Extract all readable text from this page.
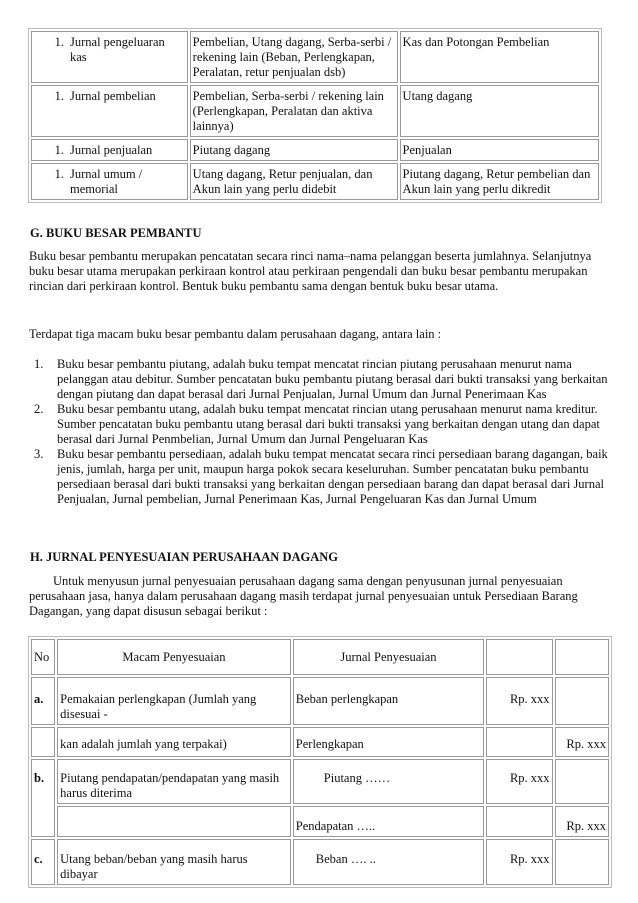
1. Jurnal pengeluaran kas	Pembelian, Utang dagang, Serba-serbi / rekening lain (Beban, Perlengkapan, Peralatan, retur penjualan dsb)	Kas dan Potongan Pembelian
1. Jurnal pembelian	Pembelian, Serba-serbi / rekening lain (Perlengkapan, Peralatan dan aktiva lainnya)	Utang dagang
1. Jurnal penjualan	Piutang dagang	Penjualan
1. Jurnal umum / memorial	Utang dagang, Retur penjualan, dan Akun lain yang perlu didebit	Piutang dagang, Retur pembelian dan Akun lain yang perlu dikredit
G. BUKU BESAR PEMBANTU

Buku besar pembantu merupakan pencatatan secara rinci nama–nama pelanggan beserta jumlahnya. Selanjutnya buku besar utama merupakan perkiraan kontrol atau perkiraan pengendali dan buku besar pembantu merupakan rincian dari perkiraan kontrol. Bentuk buku pembantu sama dengan bentuk buku besar utama.

Terdapat tiga macam buku besar pembantu dalam perusahaan dagang, antara lain :

1. Buku besar pembantu piutang, adalah buku tempat mencatat rincian piutang perusahaan menurut nama pelanggan atau debitur. Sumber pencatatan buku pembantu piutang berasal dari bukti transaksi yang berkaitan dengan piutang dan dapat berasal dari Jurnal Penjualan, Jurnal Umum dan Jurnal Penerimaan Kas
2. Buku besar pembantu utang, adalah buku tempat mencatat rincian utang perusahaan menurut nama kreditur. Sumber pencatatan buku pembantu utang berasal dari bukti transaksi yang berkaitan dengan utang dan dapat berasal dari Jurnal Penmbelian, Jurnal Umum dan Jurnal Pengeluaran Kas
3. Buku besar pembantu persediaan, adalah buku tempat mencatat secara rinci persediaan barang dagangan, baik jenis, jumlah, harga per unit, maupun harga pokok secara keseluruhan. Sumber pencatatan buku pembantu persediaan berasal dari bukti transaksi yang berkaitan dengan persediaan barang dan dapat berasal dari Jurnal Penjualan, Jurnal pembelian, Jurnal Penerimaan Kas, Jurnal Pengeluaran Kas dan Jurnal Umum
H. JURNAL PENYESUAIAN PERUSAHAAN DAGANG

Untuk menyusun jurnal penyesuaian perusahaan dagang sama dengan penyusunan jurnal penyesuaian perusahaan jasa, hanya dalam perusahaan dagang masih terdapat jurnal penyesuaian untuk Persediaan Barang Dagangan, yang dapat disusun sebagai berikut :

No	Macam Penyesuaian	Jurnal Penyesuaian		
a.	Pemakaian perlengkapan (Jumlah yang disesuai -	Beban perlengkapan	Rp. xxx	
	kan adalah jumlah yang terpakai)	Perlengkapan		Rp. xxx
b.	Piutang pendapatan/pendapatan yang masih harus diterima	Piutang ……	Rp. xxx	
		Pendapatan …..		Rp. xxx
c.	Utang beban/beban yang masih harus dibayar	Beban …. ..	Rp. xxx	
